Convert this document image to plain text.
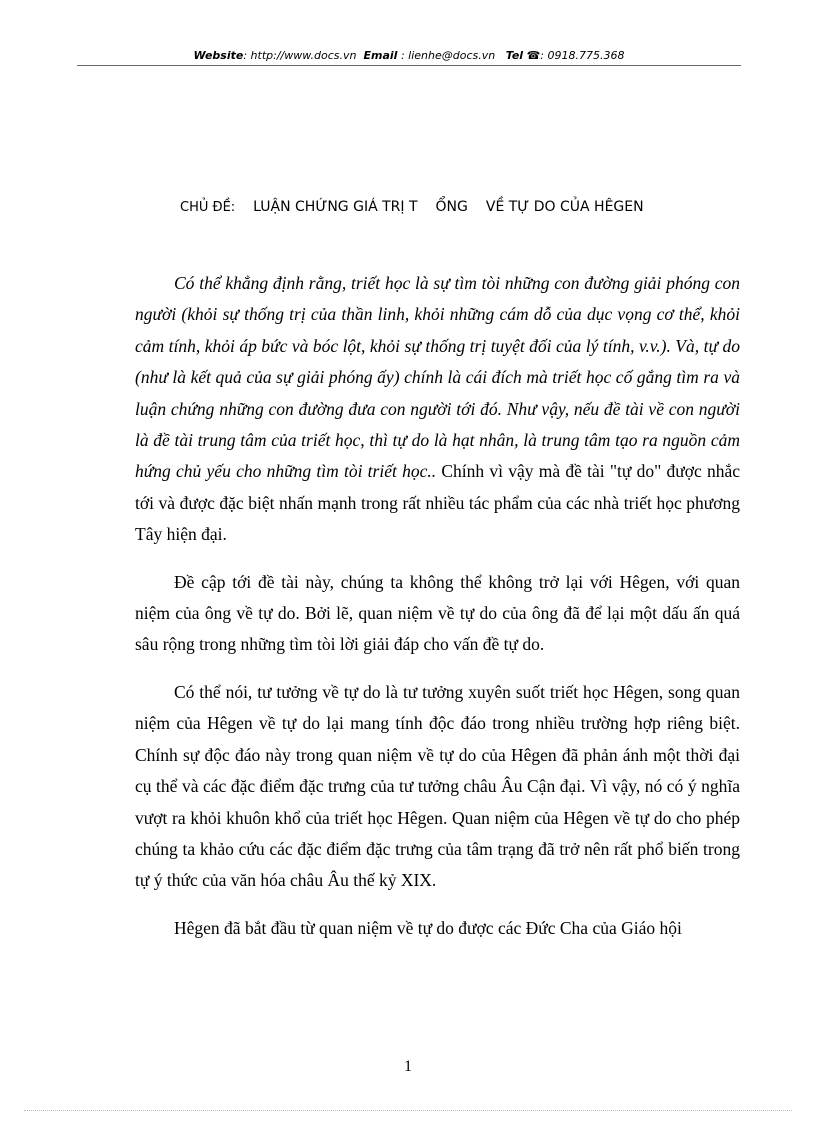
Website: http://www.docs.vn Email : lienhe@docs.vn Tel ☎: 0918.775.368
CHỦ ĐỀ: LUẬN CHỨNG GIÁ TRỊ T ỔNG VỀ TỰ DO CỦA HÊGEN

Có thể khẳng định rằng, triết học là sự tìm tòi những con đường giải phóng con người (khỏi sự thống trị của thần linh, khỏi những cám dỗ của dục vọng cơ thể, khỏi cảm tính, khỏi áp bức và bóc lột, khỏi sự thống trị tuyệt đối của lý tính, v.v.). Và, tự do (như là kết quả của sự giải phóng ấy) chính là cái đích mà triết học cố gắng tìm ra và luận chứng những con đường đưa con người tới đó. Như vậy, nếu đề tài về con người là đề tài trung tâm của triết học, thì tự do là hạt nhân, là trung tâm tạo ra nguồn cảm hứng chủ yếu cho những tìm tòi triết học.. Chính vì vậy mà đề tài "tự do" được nhắc tới và được đặc biệt nhấn mạnh trong rất nhiều tác phẩm của các nhà triết học phương Tây hiện đại.

Đề cập tới đề tài này, chúng ta không thể không trở lại với Hêgen, với quan niệm của ông về tự do. Bởi lẽ, quan niệm về tự do của ông đã để lại một dấu ấn quá sâu rộng trong những tìm tòi lời giải đáp cho vấn đề tự do.

Có thể nói, tư tưởng về tự do là tư tưởng xuyên suốt triết học Hêgen, song quan niệm của Hêgen về tự do lại mang tính độc đáo trong nhiều trường hợp riêng biệt. Chính sự độc đáo này trong quan niệm về tự do của Hêgen đã phản ánh một thời đại cụ thể và các đặc điểm đặc trưng của tư tưởng châu Âu Cận đại. Vì vậy, nó có ý nghĩa vượt ra khỏi khuôn khổ của triết học Hêgen. Quan niệm của Hêgen về tự do cho phép chúng ta khảo cứu các đặc điểm đặc trưng của tâm trạng đã trở nên rất phổ biến trong tự ý thức của văn hóa châu Âu thế kỷ XIX.

Hêgen đã bắt đầu từ quan niệm về tự do được các Đức Cha của Giáo hội

1
